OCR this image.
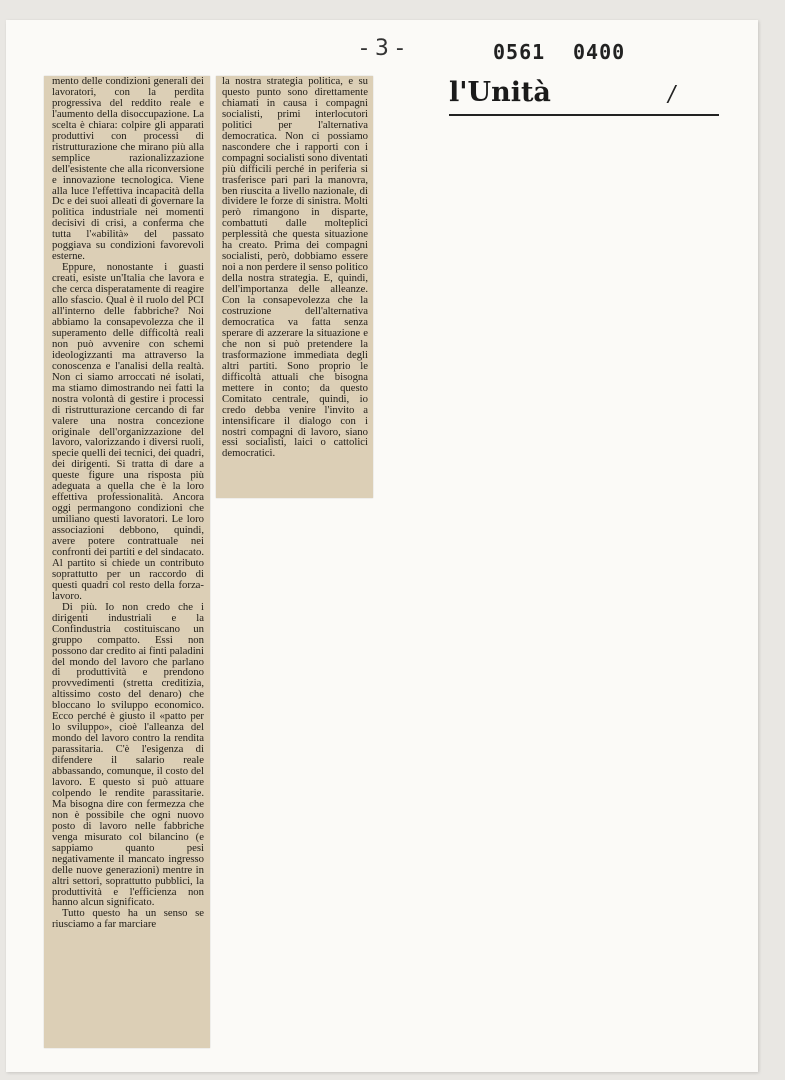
- 3 -	0561 0400
l'Unità	/

mento delle condizioni generali dei lavoratori, con la perdita progressiva del reddito reale e l'aumento della disoccupazione. La scelta è chiara: colpire gli apparati produttivi con processi di ristrutturazione che mirano più alla semplice razionalizzazione dell'esistente che alla riconversione e innovazione tecnologica. Viene alla luce l'effettiva incapacità della Dc e dei suoi alleati di governare la politica industriale nei momenti decisivi di crisi, a conferma che tutta l'«abilità» del passato poggiava su condizioni favorevoli esterne.

Eppure, nonostante i guasti creati, esiste un'Italia che lavora e che cerca disperatamente di reagire allo sfascio. Qual è il ruolo del PCI all'interno delle fabbriche? Noi abbiamo la consapevolezza che il superamento delle difficoltà reali non può avvenire con schemi ideologizzanti ma attraverso la conoscenza e l'analisi della realtà. Non ci siamo arroccati né isolati, ma stiamo dimostrando nei fatti la nostra volontà di gestire i processi di ristrutturazione cercando di far valere una nostra concezione originale dell'organizzazione del lavoro, valorizzando i diversi ruoli, specie quelli dei tecnici, dei quadri, dei dirigenti. Si tratta di dare a queste figure una risposta più adeguata a quella che è la loro effettiva professionalità. Ancora oggi permangono condizioni che umiliano questi lavoratori. Le loro associazioni debbono, quindi, avere potere contrattuale nei confronti dei partiti e del sindacato. Al partito si chiede un contributo soprattutto per un raccordo di questi quadri col resto della forza-lavoro.

Di più. Io non credo che i dirigenti industriali e la Confindustria costituiscano un gruppo compatto. Essi non possono dar credito ai finti paladini del mondo del lavoro che parlano di produttività e prendono provvedimenti (stretta creditizia, altissimo costo del denaro) che bloccano lo sviluppo economico. Ecco perché è giusto il «patto per lo sviluppo», cioè l'alleanza del mondo del lavoro contro la rendita parassitaria. C'è l'esigenza di difendere il salario reale abbassando, comunque, il costo del lavoro. E questo si può attuare colpendo le rendite parassitarie. Ma bisogna dire con fermezza che non è possibile che ogni nuovo posto di lavoro nelle fabbriche venga misurato col bilancino (e sappiamo quanto pesi negativamente il mancato ingresso delle nuove generazioni) mentre in altri settori, soprattutto pubblici, la produttività e l'efficienza non hanno alcun significato.

Tutto questo ha un senso se riusciamo a far marciare

la nostra strategia politica, e su questo punto sono direttamente chiamati in causa i compagni socialisti, primi interlocutori politici per l'alternativa democratica. Non ci possiamo nascondere che i rapporti con i compagni socialisti sono diventati più difficili perché in periferia si trasferisce pari pari la manovra, ben riuscita a livello nazionale, di dividere le forze di sinistra. Molti però rimangono in disparte, combattuti dalle molteplici perplessità che questa situazione ha creato. Prima dei compagni socialisti, però, dobbiamo essere noi a non perdere il senso politico della nostra strategia. E, quindi, dell'importanza delle alleanze. Con la consapevolezza che la costruzione dell'alternativa democratica va fatta senza sperare di azzerare la situazione e che non si può pretendere la trasformazione immediata degli altri partiti. Sono proprio le difficoltà attuali che bisogna mettere in conto; da questo Comitato centrale, quindi, io credo debba venire l'invito a intensificare il dialogo con i nostri compagni di lavoro, siano essi socialisti, laici o cattolici democratici.
